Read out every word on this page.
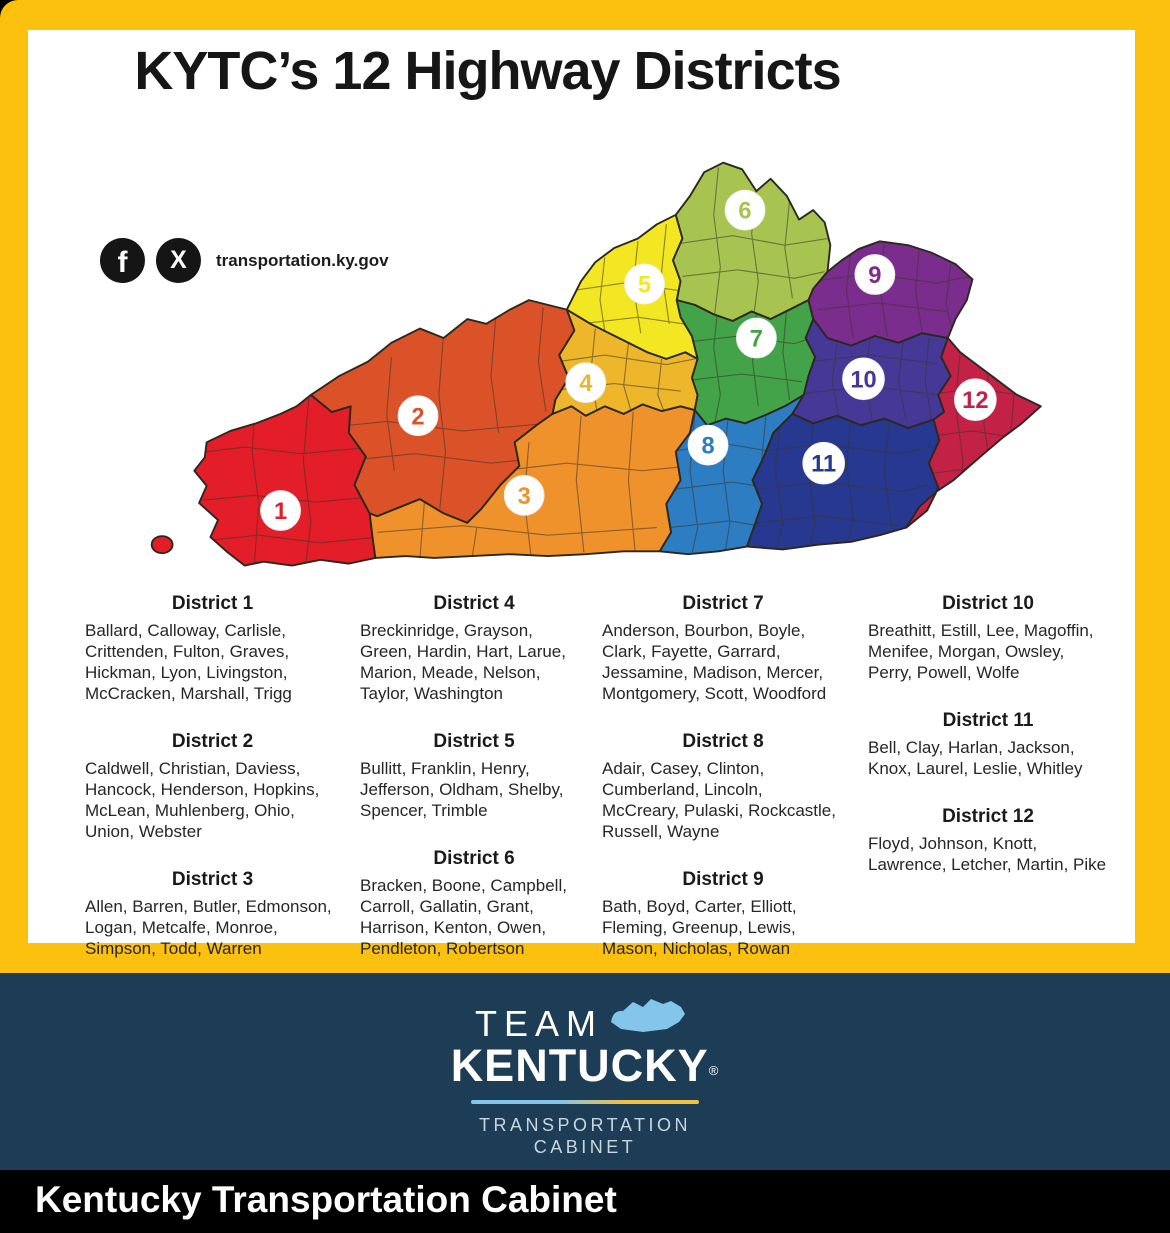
KYTC’s 12 Highway Districts
f X transportation.ky.gov
1
2
3
4
5
6
7
8
9
10
11
12
District 1
Ballard, Calloway, Carlisle, Crittenden, Fulton, Graves, Hickman, Lyon, Livingston, McCracken, Marshall, Trigg
District 2
Caldwell, Christian, Daviess, Hancock, Henderson, Hopkins, McLean, Muhlenberg, Ohio, Union, Webster
District 3
Allen, Barren, Butler, Edmonson, Logan, Metcalfe, Monroe, Simpson, Todd, Warren
District 4
Breckinridge, Grayson, Green, Hardin, Hart, Larue, Marion, Meade, Nelson, Taylor, Washington
District 5
Bullitt, Franklin, Henry, Jefferson, Oldham, Shelby, Spencer, Trimble
District 6
Bracken, Boone, Campbell, Carroll, Gallatin, Grant, Harrison, Kenton, Owen, Pendleton, Robertson
District 7
Anderson, Bourbon, Boyle, Clark, Fayette, Garrard, Jessamine, Madison, Mercer, Montgomery, Scott, Woodford
District 8
Adair, Casey, Clinton, Cumberland, Lincoln, McCreary, Pulaski, Rockcastle, Russell, Wayne
District 9
Bath, Boyd, Carter, Elliott, Fleming, Greenup, Lewis, Mason, Nicholas, Rowan
District 10
Breathitt, Estill, Lee, Magoffin, Menifee, Morgan, Owsley, Perry, Powell, Wolfe
District 11
Bell, Clay, Harlan, Jackson, Knox, Laurel, Leslie, Whitley
District 12
Floyd, Johnson, Knott, Lawrence, Letcher, Martin, Pike
TEAM
KENTUCKY®
TRANSPORTATION
CABINET
Kentucky Transportation Cabinet
